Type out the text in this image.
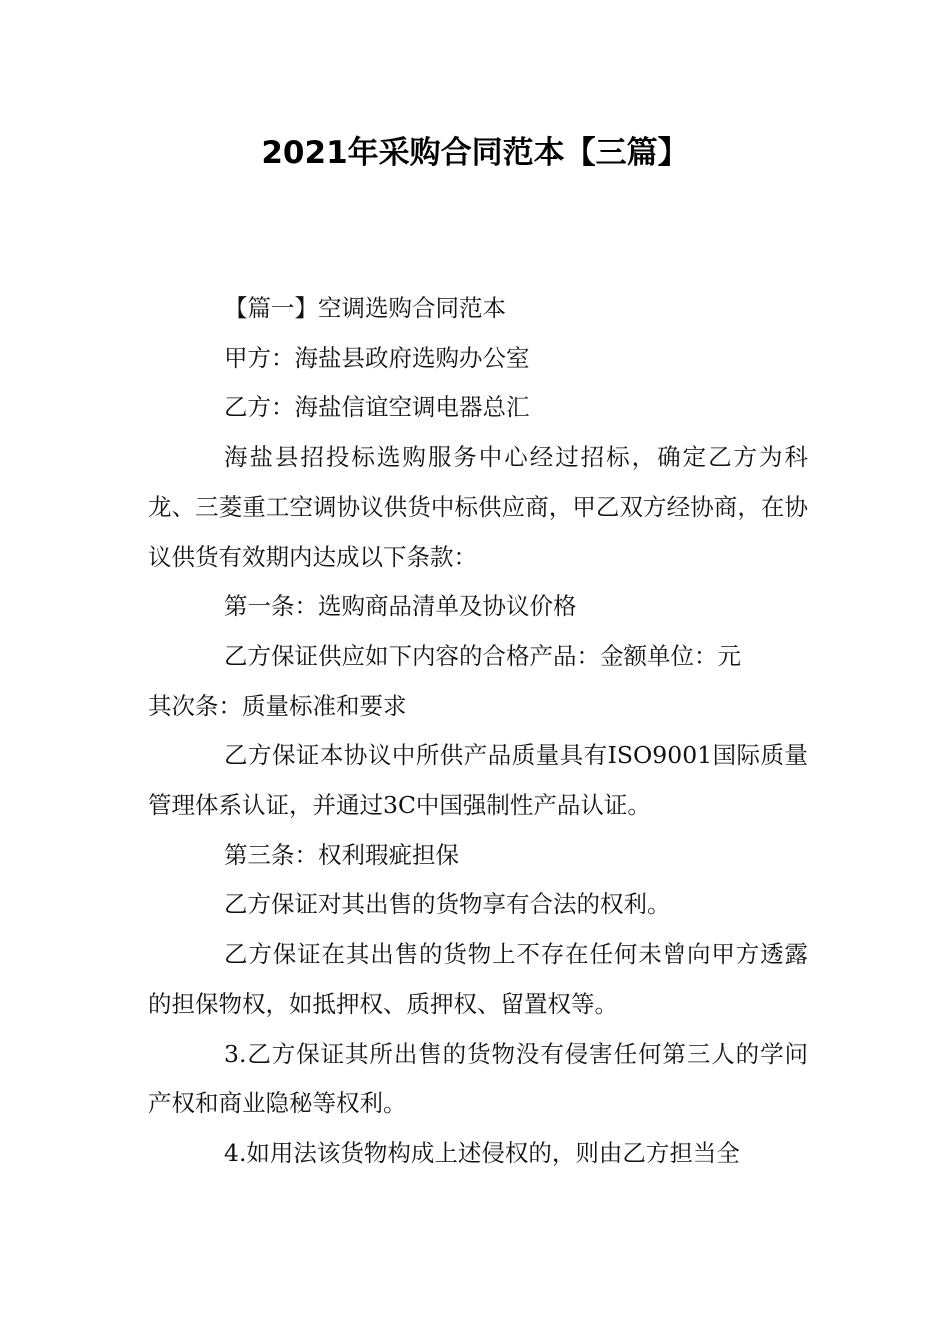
2021年采购合同范本【三篇】

【篇一】空调选购合同范本

甲方：海盐县政府选购办公室

乙方：海盐信谊空调电器总汇

海盐县招投标选购服务中心经过招标，确定乙方为科龙、三菱重工空调协议供货中标供应商，甲乙双方经协商，在协议供货有效期内达成以下条款：

第一条：选购商品清单及协议价格

乙方保证供应如下内容的合格产品：金额单位：元

其次条：质量标准和要求

乙方保证本协议中所供产品质量具有ISO9001国际质量管理体系认证，并通过3C中国强制性产品认证。

第三条：权利瑕疵担保

乙方保证对其出售的货物享有合法的权利。

乙方保证在其出售的货物上不存在任何未曾向甲方透露的担保物权，如抵押权、质押权、留置权等。

3.乙方保证其所出售的货物没有侵害任何第三人的学问产权和商业隐秘等权利。

4.如用法该货物构成上述侵权的，则由乙方担当全
